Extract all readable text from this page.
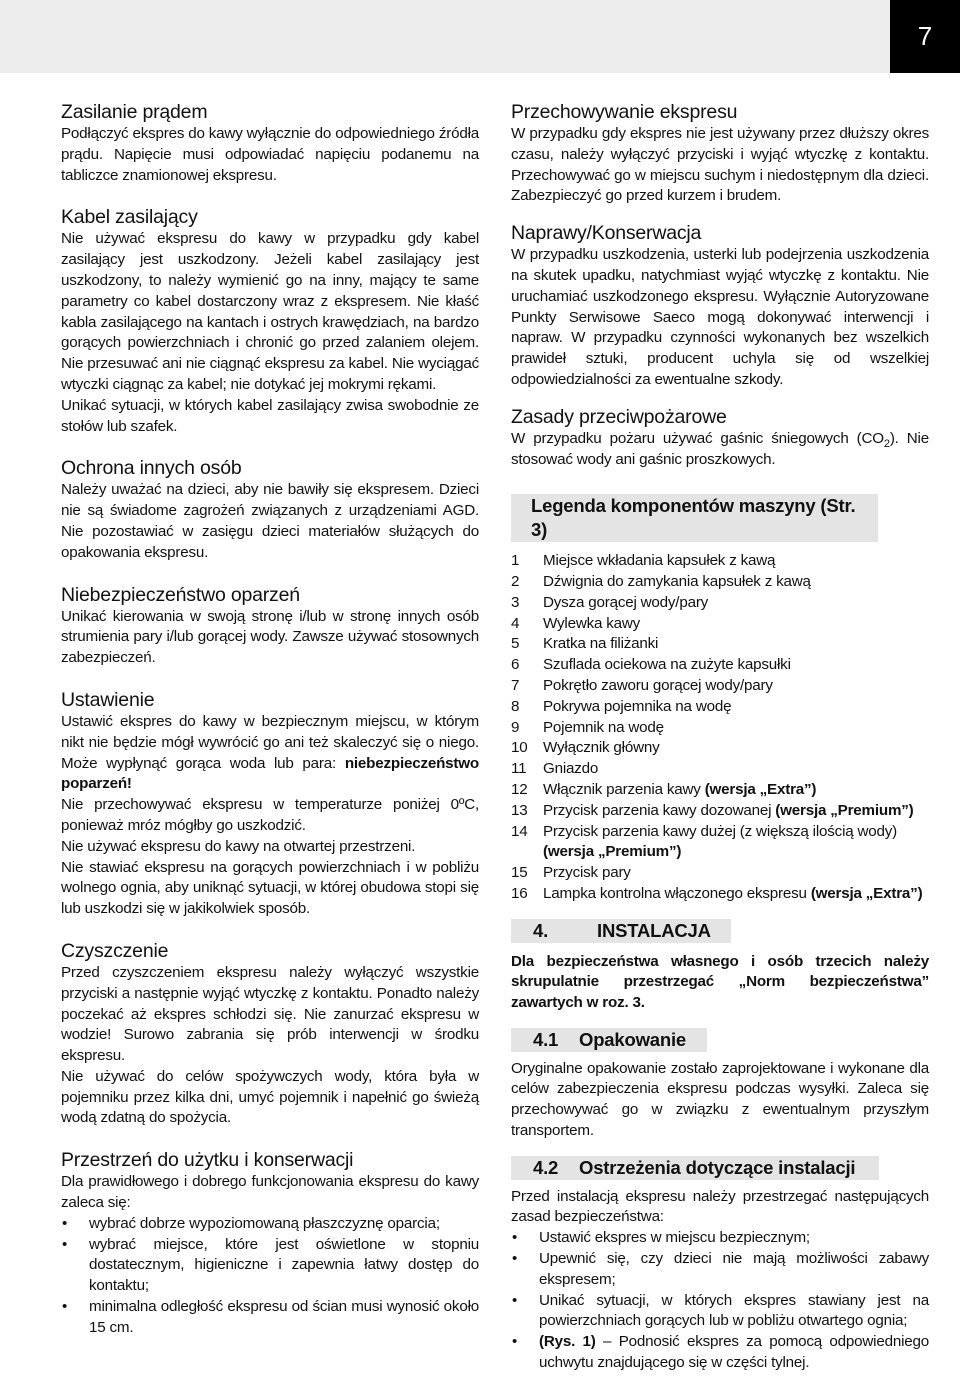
7
Zasilanie prądem

Podłączyć ekspres do kawy wyłącznie do odpowiedniego źródła prądu. Napięcie musi odpowiadać napięciu podanemu na tabliczce znamionowej ekspresu.

Kabel zasilający

Nie używać ekspresu do kawy w przypadku gdy kabel zasilający jest uszkodzony. Jeżeli kabel zasilający jest uszkodzony, to należy wymienić go na inny, mający te same parametry co kabel dostarczony wraz z ekspresem. Nie kłaść kabla zasilającego na kantach i ostrych krawędziach, na bardzo gorących powierzchniach i chronić go przed zalaniem olejem. Nie przesuwać ani nie ciągnąć ekspresu za kabel. Nie wyciągać wtyczki ciągnąc za kabel; nie dotykać jej mokrymi rękami.

Unikać sytuacji, w których kabel zasilający zwisa swobodnie ze stołów lub szafek.

Ochrona innych osób

Należy uważać na dzieci, aby nie bawiły się ekspresem. Dzieci nie są świadome zagrożeń związanych z urządzeniami AGD. Nie pozostawiać w zasięgu dzieci materiałów służących do opakowania ekspresu.

Niebezpieczeństwo oparzeń

Unikać kierowania w swoją stronę i/lub w stronę innych osób strumienia pary i/lub gorącej wody. Zawsze używać stosownych zabezpieczeń.

Ustawienie

Ustawić ekspres do kawy w bezpiecznym miejscu, w którym nikt nie będzie mógł wywrócić go ani też skaleczyć się o niego. Może wypłynąć gorąca woda lub para: niebezpieczeństwo poparzeń!

Nie przechowywać ekspresu w temperaturze poniżej 0ºC, ponieważ mróz mógłby go uszkodzić.

Nie używać ekspresu do kawy na otwartej przestrzeni.

Nie stawiać ekspresu na gorących powierzchniach i w pobliżu wolnego ognia, aby uniknąć sytuacji, w której obudowa stopi się lub uszkodzi się w jakikolwiek sposób.

Czyszczenie

Przed czyszczeniem ekspresu należy wyłączyć wszystkie przyciski a następnie wyjąć wtyczkę z kontaktu. Ponadto należy poczekać aż ekspres schłodzi się. Nie zanurzać ekspresu w wodzie! Surowo zabrania się prób interwencji w środku ekspresu.

Nie używać do celów spożywczych wody, która była w pojemniku przez kilka dni, umyć pojemnik i napełnić go świeżą wodą zdatną do spożycia.

Przestrzeń do użytku i konserwacji

Dla prawidłowego i dobrego funkcjonowania ekspresu do kawy zaleca się:

• wybrać dobrze wypoziomowaną płaszczyznę oparcia;
• wybrać miejsce, które jest oświetlone w stopniu dostatecznym, higieniczne i zapewnia łatwy dostęp do kontaktu;
• minimalna odległość ekspresu od ścian musi wynosić około 15 cm.
Przechowywanie ekspresu

W przypadku gdy ekspres nie jest używany przez dłuższy okres czasu, należy wyłączyć przyciski i wyjąć wtyczkę z kontaktu. Przechowywać go w miejscu suchym i niedostępnym dla dzieci. Zabezpieczyć go przed kurzem i brudem.

Naprawy/Konserwacja

W przypadku uszkodzenia, usterki lub podejrzenia uszkodzenia na skutek upadku, natychmiast wyjąć wtyczkę z kontaktu. Nie uruchamiać uszkodzonego ekspresu. Wyłącznie Autoryzowane Punkty Serwisowe Saeco mogą dokonywać interwencji i napraw. W przypadku czynności wykonanych bez wszelkich prawideł sztuki, producent uchyla się od wszelkiej odpowiedzialności za ewentualne szkody.

Zasady przeciwpożarowe

W przypadku pożaru używać gaśnic śniegowych $(CO_2)$. Nie stosować wody ani gaśnic proszkowych.

Legenda komponentów maszyny (Str. 3)
1	Miejsce wkładania kapsułek z kawą
2	Dźwignia do zamykania kapsułek z kawą
3	Dysza gorącej wody/pary
4	Wylewka kawy
5	Kratka na filiżanki
6	Szuflada ociekowa na zużyte kapsułki
7	Pokrętło zaworu gorącej wody/pary
8	Pokrywa pojemnika na wodę
9	Pojemnik na wodę
10	Wyłącznik główny
11	Gniazdo
12	Włącznik parzenia kawy (wersja „Extra”)
13	Przycisk parzenia kawy dozowanej (wersja „Premium”)
14	Przycisk parzenia kawy dużej (z większą ilością wody) (wersja „Premium”)
15	Przycisk pary
16	Lampka kontrolna włączonego ekspresu (wersja „Extra”)
4.	INSTALACJA

Dla bezpieczeństwa własnego i osób trzecich należy skrupulatnie przestrzegać „Norm bezpieczeństwa” zawartych w roz. 3.

4.1 Opakowanie

Oryginalne opakowanie zostało zaprojektowane i wykonane dla celów zabezpieczenia ekspresu podczas wysyłki. Zaleca się przechowywać go w związku z ewentualnym przyszłym transportem.

4.2 Ostrzeżenia dotyczące instalacji

Przed instalacją ekspresu należy przestrzegać następujących zasad bezpieczeństwa:

• Ustawić ekspres w miejscu bezpiecznym;
• Upewnić się, czy dzieci nie mają możliwości zabawy ekspresem;
• Unikać sytuacji, w których ekspres stawiany jest na powierzchniach gorących lub w pobliżu otwartego ognia;
• (Rys. 1) – Podnosić ekspres za pomocą odpowiedniego uchwytu znajdującego się w części tylnej.
